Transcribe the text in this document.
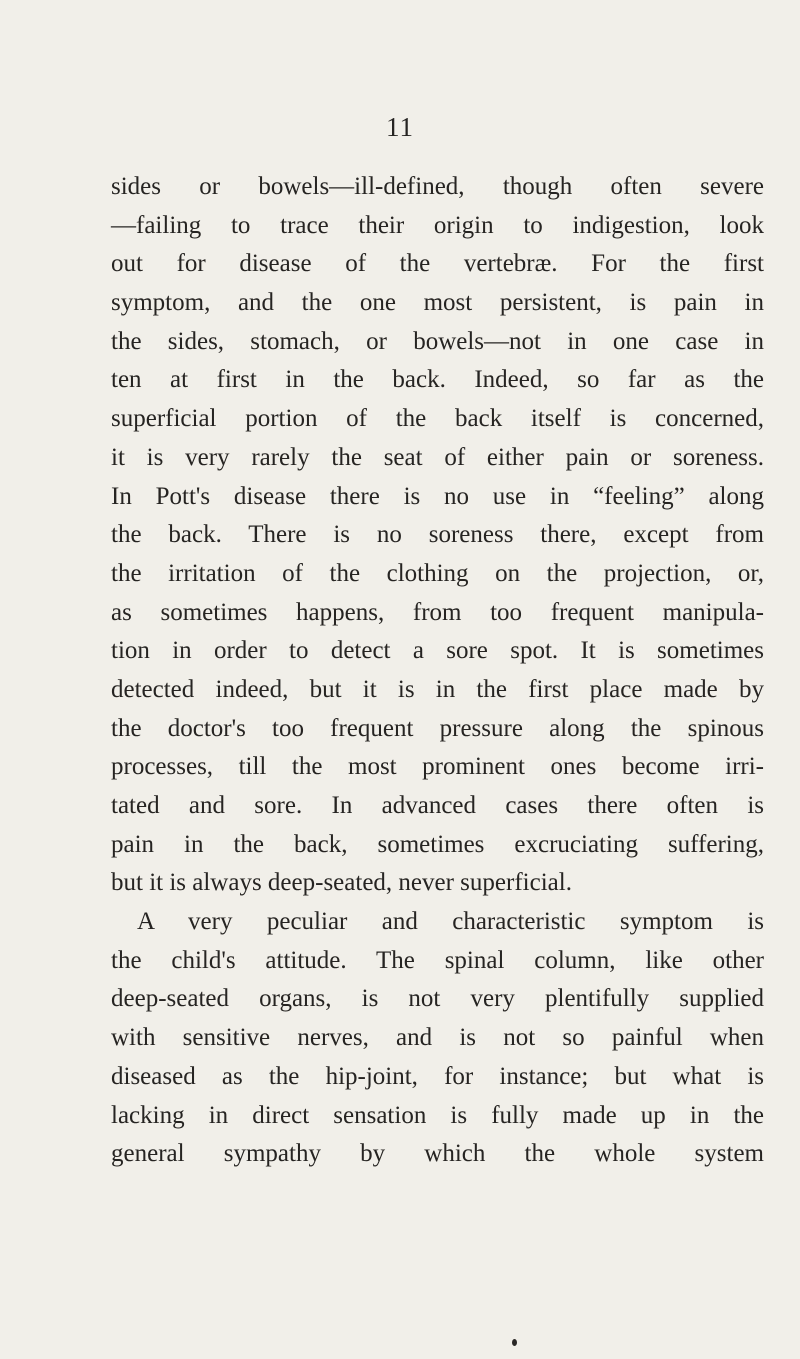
11
sides or bowels—ill-defined, though often severe
—failing to trace their origin to indigestion, look
out for disease of the vertebræ. For the first
symptom, and the one most persistent, is pain in
the sides, stomach, or bowels—not in one case in
ten at first in the back. Indeed, so far as the
superficial portion of the back itself is concerned,
it is very rarely the seat of either pain or soreness.
In Pott's disease there is no use in “feeling” along
the back. There is no soreness there, except from
the irritation of the clothing on the projection, or,
as sometimes happens, from too frequent manipula-
tion in order to detect a sore spot. It is sometimes
detected indeed, but it is in the first place made by
the doctor's too frequent pressure along the spinous
processes, till the most prominent ones become irri-
tated and sore. In advanced cases there often is
pain in the back, sometimes excruciating suffering,
but it is always deep-seated, never superficial.
A very peculiar and characteristic symptom is
the child's attitude. The spinal column, like other
deep-seated organs, is not very plentifully supplied
with sensitive nerves, and is not so painful when
diseased as the hip-joint, for instance; but what is
lacking in direct sensation is fully made up in the
general sympathy by which the whole system
